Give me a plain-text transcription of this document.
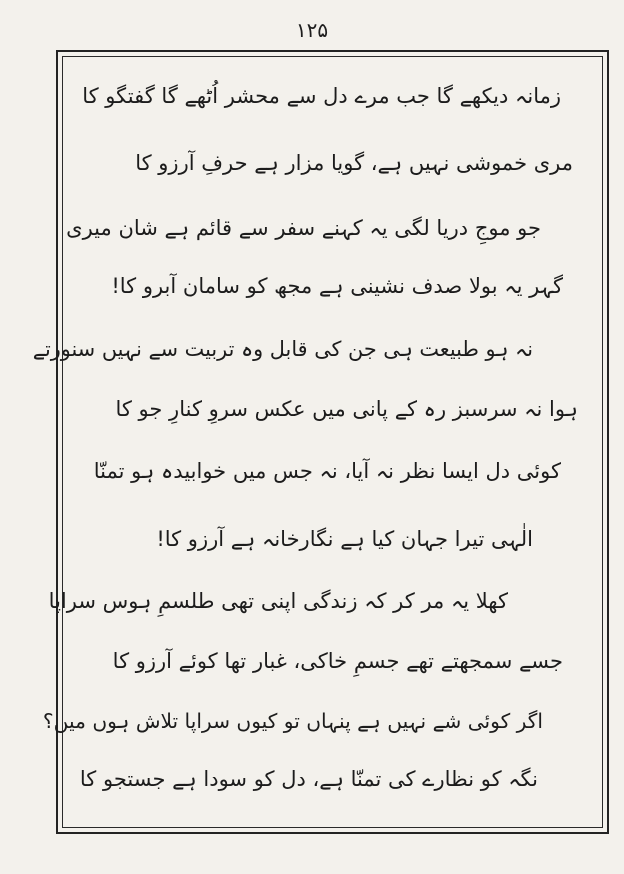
۱۲۵
زمانہ دیکھے گا جب مرے دل سے محشر اُٹھے گا گفتگو کا
مری خموشی نہیں ہے، گویا مزار ہے حرفِ آرزو کا
جو موجِ دریا لگی یہ کہنے سفر سے قائم ہے شان میری
گہر یہ بولا صدف نشینی ہے مجھ کو سامان آبرو کا!
نہ ہو طبیعت ہی جن کی قابل وہ تربیت سے نہیں سنورتے
ہوا نہ سرسبز رہ کے پانی میں عکس سروِ کنارِ جو کا
کوئی دل ایسا نظر نہ آیا، نہ جس میں خوابیدہ ہو تمنّا
الٰہی تیرا جہان کیا ہے نگارخانہ ہے آرزو کا!
کھلا یہ مر کر کہ زندگی اپنی تھی طلسمِ ہوس سراپا
جسے سمجھتے تھے جسمِ خاکی، غبار تھا کوئے آرزو کا
اگر کوئی شے نہیں ہے پنہاں تو کیوں سراپا تلاش ہوں میں؟
نگہ کو نظارے کی تمنّا ہے، دل کو سودا ہے جستجو کا
